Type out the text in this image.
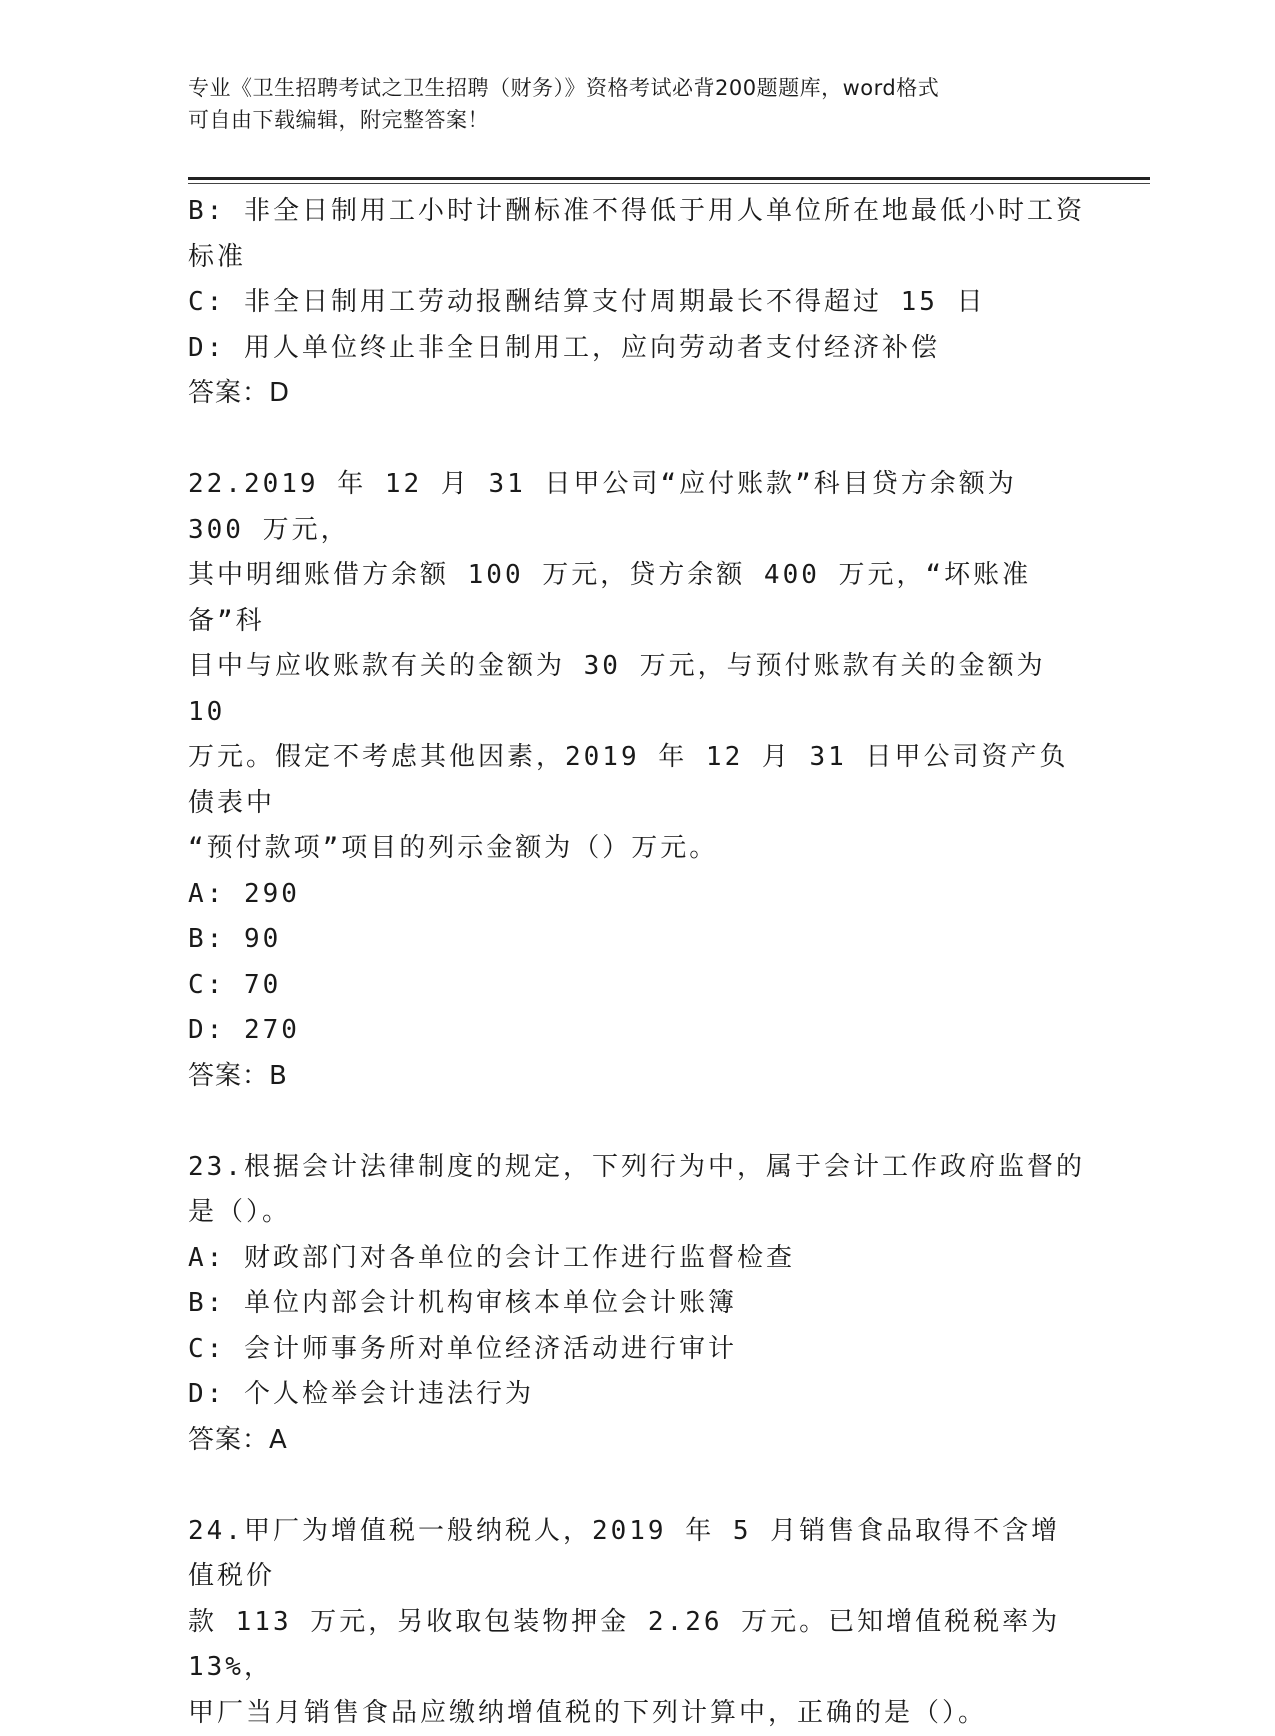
专业《卫生招聘考试之卫生招聘（财务）》资格考试必背200题题库，word格式
可自由下载编辑，附完整答案！
B: 非全日制用工小时计酬标准不得低于用人单位所在地最低小时工资
标准
C: 非全日制用工劳动报酬结算支付周期最长不得超过 15 日
D: 用人单位终止非全日制用工，应向劳动者支付经济补偿
答案：D
22.2019 年 12 月 31 日甲公司“应付账款”科目贷方余额为 300 万元，
其中明细账借方余额 100 万元，贷方余额 400 万元，“坏账准备”科
目中与应收账款有关的金额为 30 万元，与预付账款有关的金额为 10
万元。假定不考虑其他因素，2019 年 12 月 31 日甲公司资产负债表中
“预付款项”项目的列示金额为（）万元。
A: 290
B: 90
C: 70
D: 270
答案：B
23.根据会计法律制度的规定，下列行为中，属于会计工作政府监督的
是（）。
A: 财政部门对各单位的会计工作进行监督检查
B: 单位内部会计机构审核本单位会计账簿
C: 会计师事务所对单位经济活动进行审计
D: 个人检举会计违法行为
答案：A
24.甲厂为增值税一般纳税人，2019 年 5 月销售食品取得不含增值税价
款 113 万元，另收取包装物押金 2.26 万元。已知增值税税率为 13%，
甲厂当月销售食品应缴纳增值税的下列计算中，正确的是（）。
